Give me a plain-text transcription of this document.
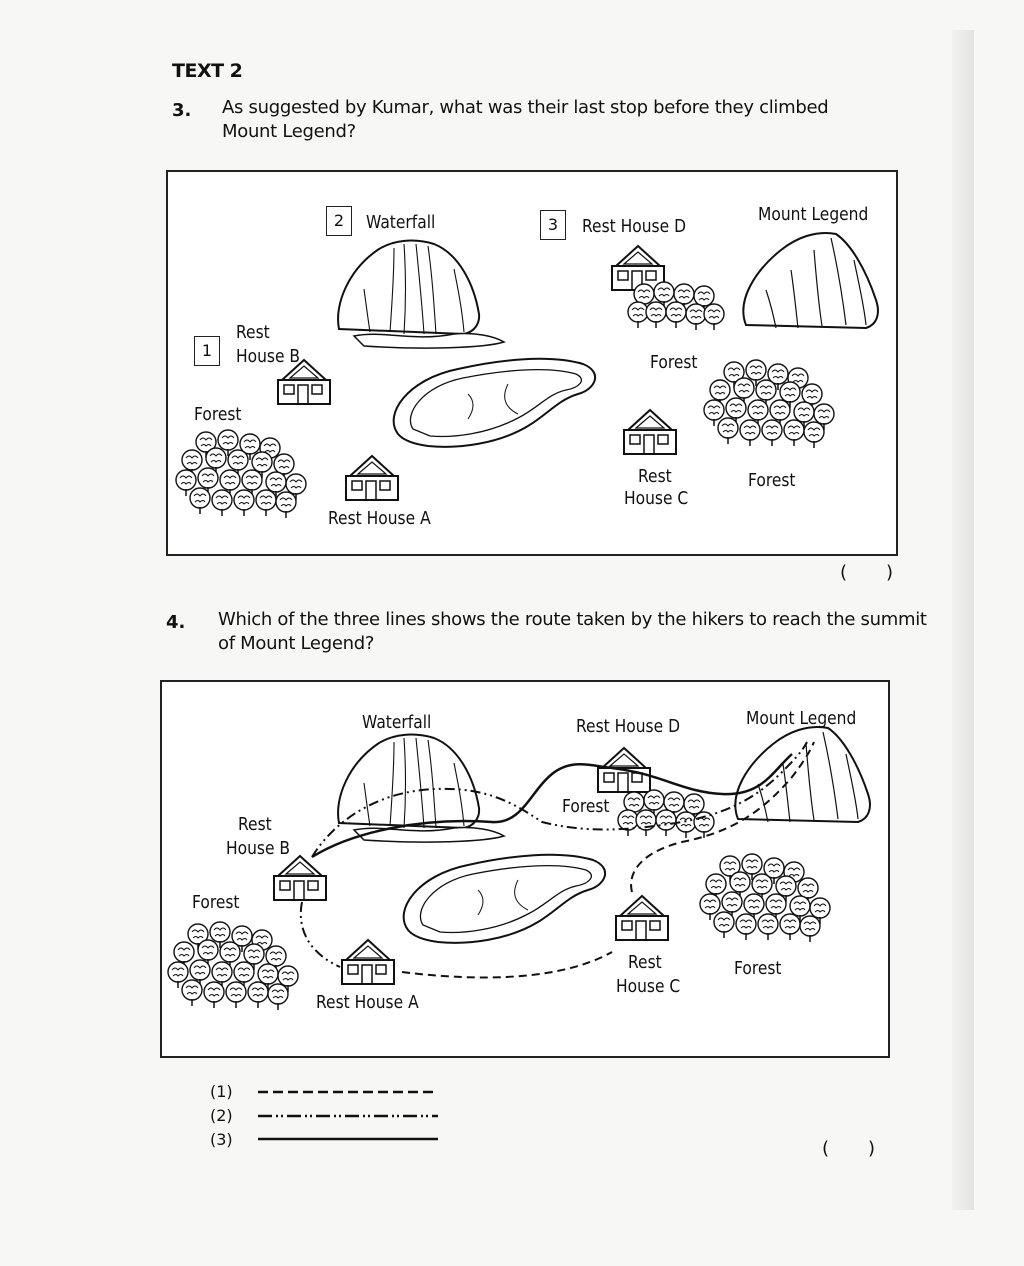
TEXT 2
3. As suggested by Kumar, what was their last stop before they climbed
Mount Legend?
1
Rest
House B
2	Waterfall	3	Rest House D
Mount Legend
Forest
Forest
Forest
Rest House A
Rest
House C
( )
4. Which of the three lines shows the route taken by the hikers to reach the summit
of Mount Legend?
Waterfall	Rest House D	Mount Legend
Rest
House B
Forest
Forest
Forest
Rest House A
Rest
House C
(1)
(2)
(3)	( )
